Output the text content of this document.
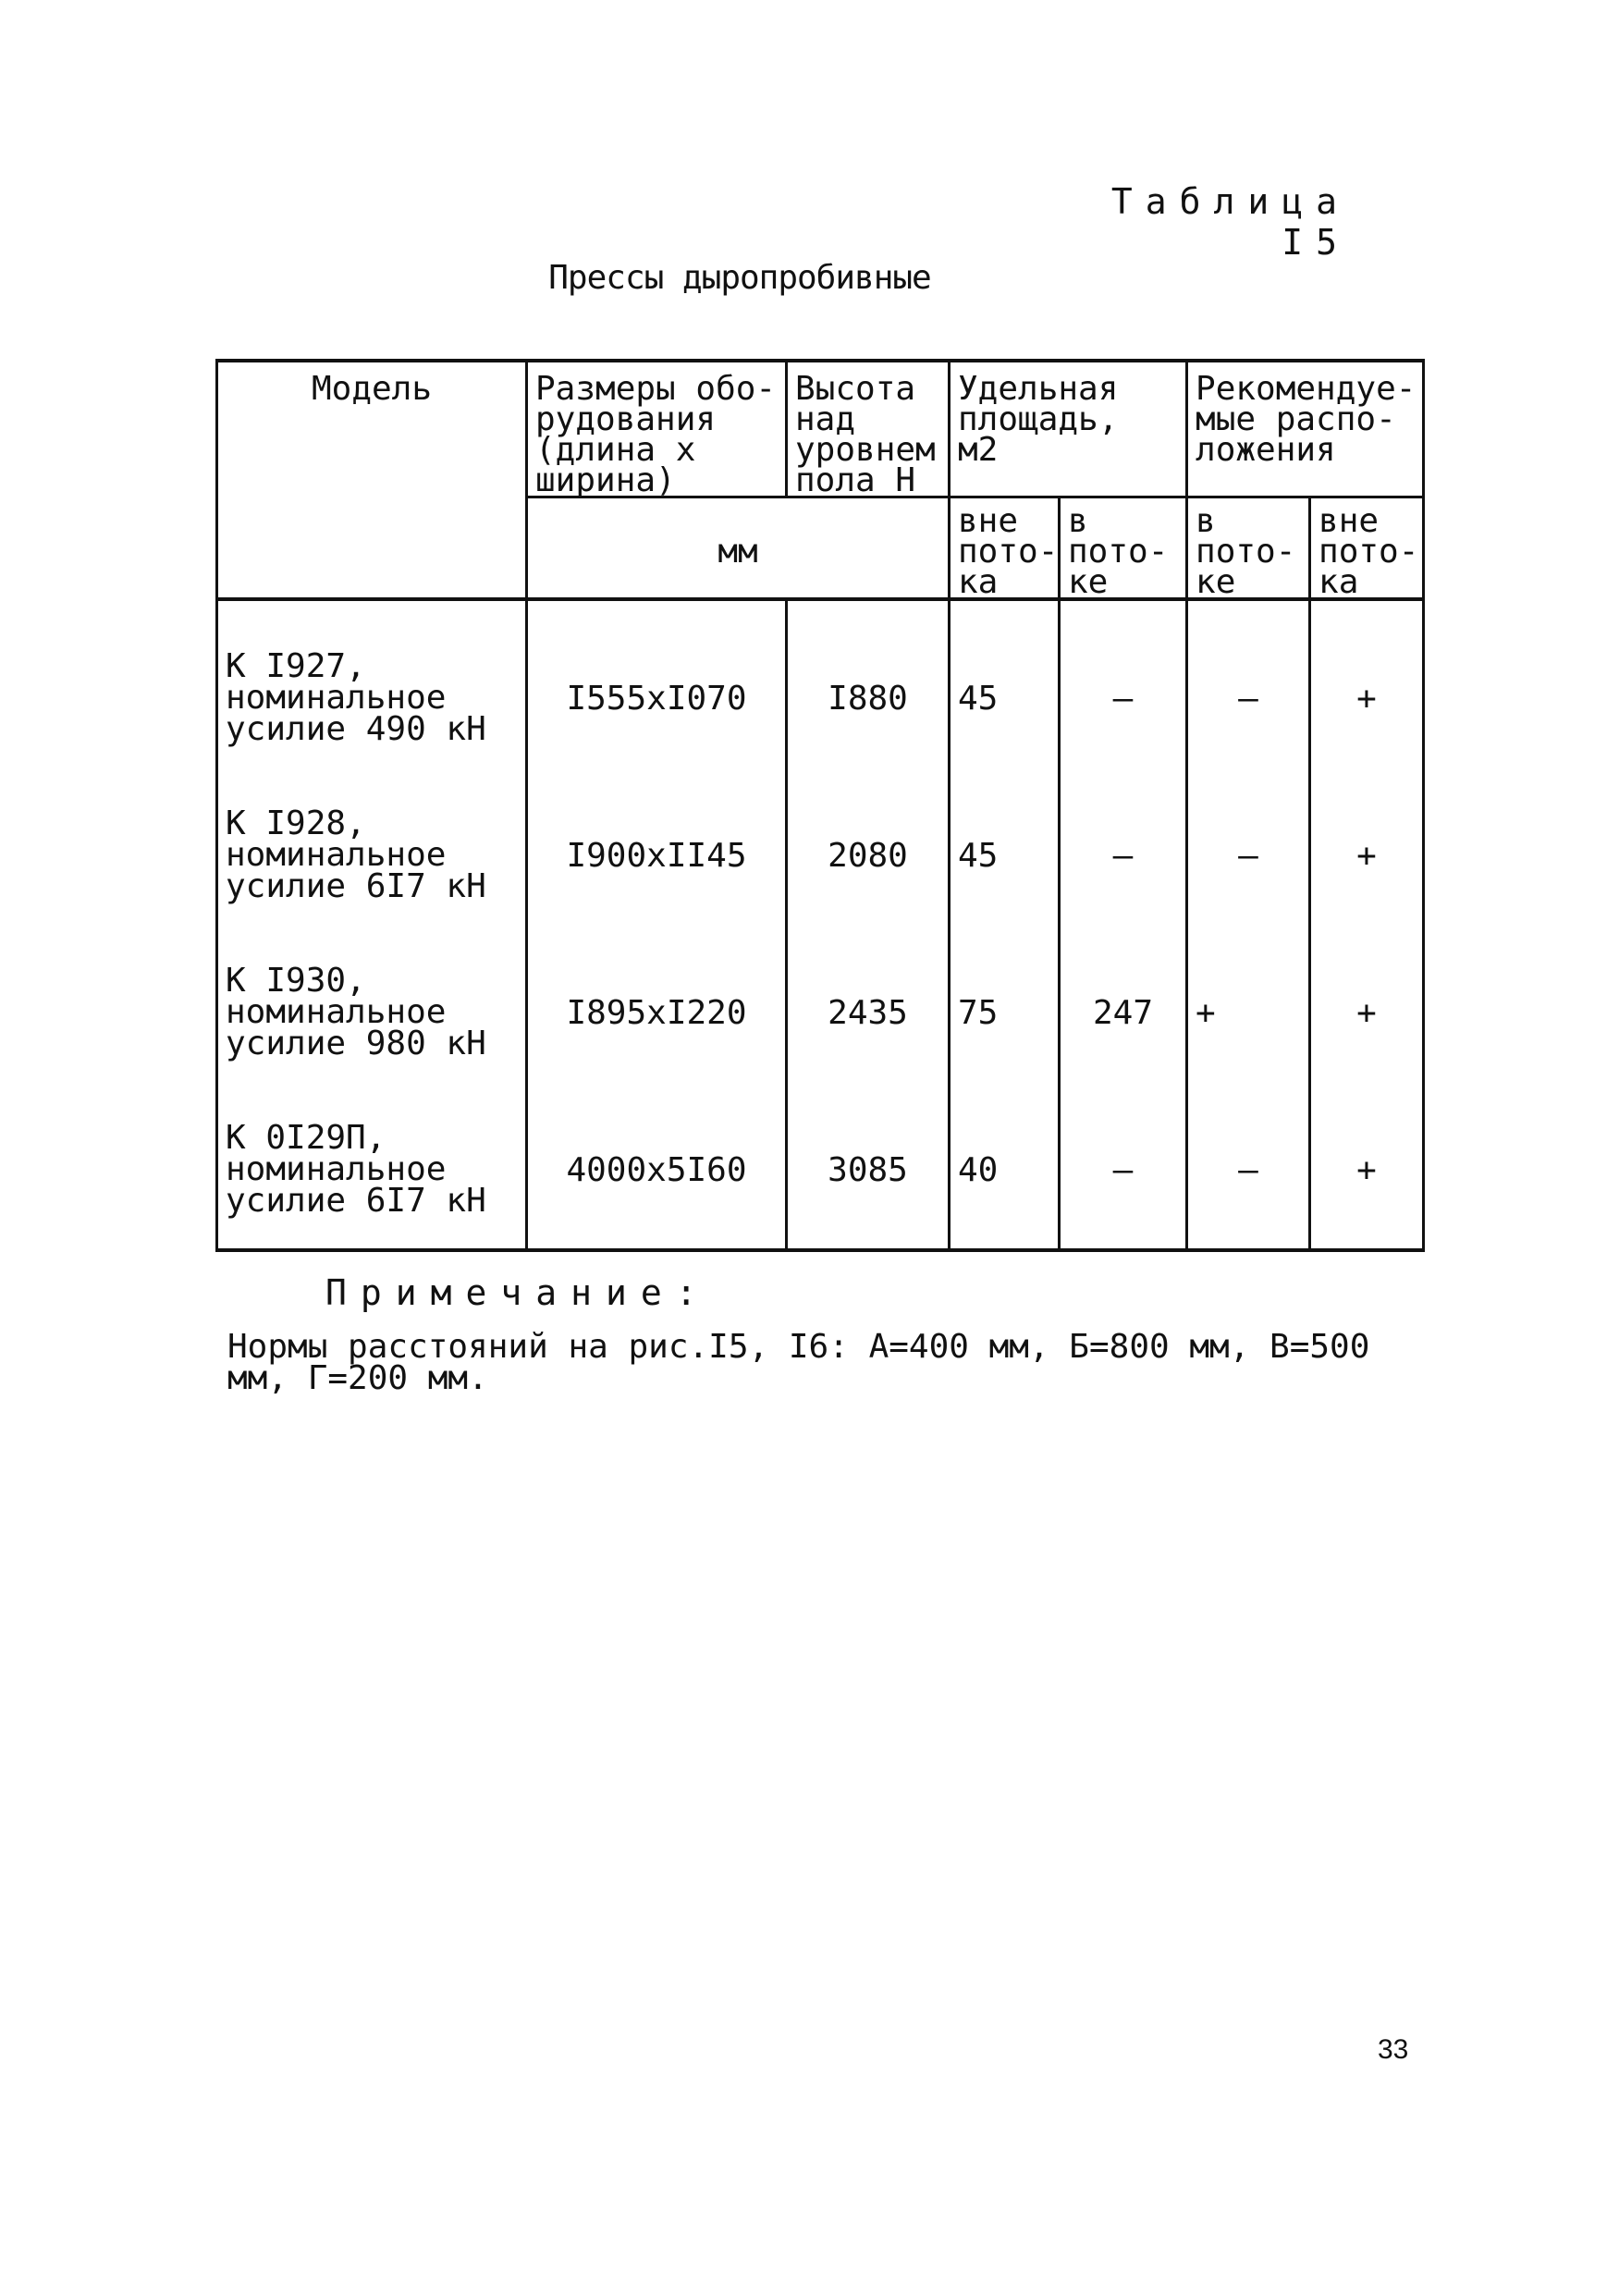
Таблица I5
Прессы дыропробивные
Модель	Размеры обо-рудования (длина х ширина)	Высота над уровнем пола Н	Удельная площадь, м2		Рекомендуе-мые распо-ложения	
	мм		вне пото-ка	в пото-ке	в пото-ке	вне пото-ка

К I927, номинальное усилие 490 кН	I555хI070	I880	45	–	–	+
К I928, номинальное усилие 6I7 кН	I900хII45	2080	45	–	–	+
К I930, номинальное усилие 980 кН	I895хI220	2435	75	247	+	+
К 0I29П, номинальное усилие 6I7 кН	4000х5I60	3085	40	–	–	+
Примечание:
Нормы расстояний на рис.I5, I6: А=400 мм, Б=800 мм, В=500 мм, Г=200 мм.
33
